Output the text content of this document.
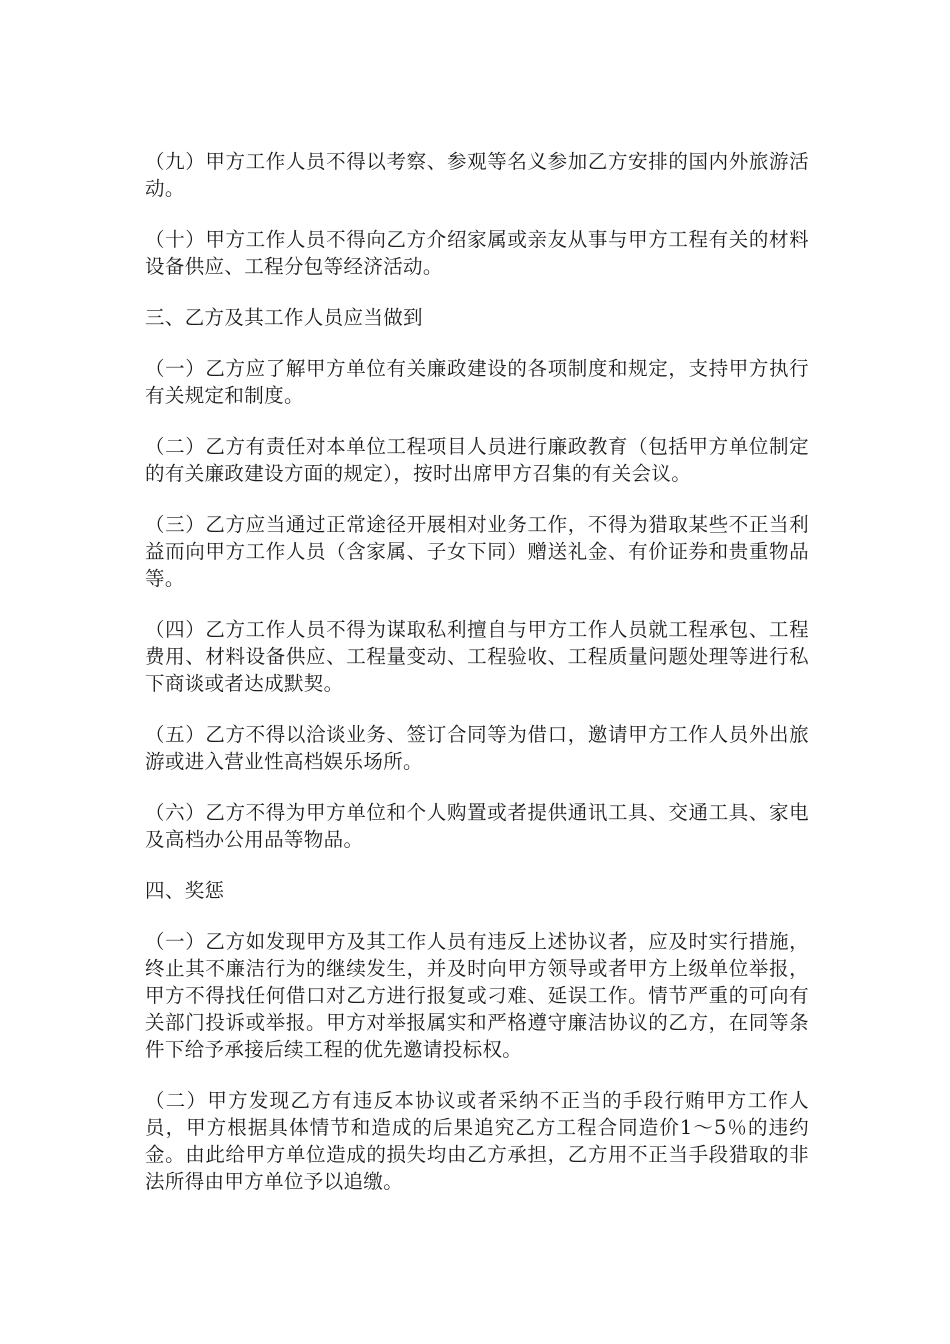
（九）甲方工作人员不得以考察、参观等名义参加乙方安排的国内外旅游活动。

（十）甲方工作人员不得向乙方介绍家属或亲友从事与甲方工程有关的材料设备供应、工程分包等经济活动。

三、乙方及其工作人员应当做到

（一）乙方应了解甲方单位有关廉政建设的各项制度和规定，支持甲方执行有关规定和制度。

（二）乙方有责任对本单位工程项目人员进行廉政教育（包括甲方单位制定的有关廉政建设方面的规定），按时出席甲方召集的有关会议。

（三）乙方应当通过正常途径开展相对业务工作，不得为猎取某些不正当利益而向甲方工作人员（含家属、子女下同）赠送礼金、有价证券和贵重物品等。

（四）乙方工作人员不得为谋取私利擅自与甲方工作人员就工程承包、工程费用、材料设备供应、工程量变动、工程验收、工程质量问题处理等进行私下商谈或者达成默契。

（五）乙方不得以洽谈业务、签订合同等为借口，邀请甲方工作人员外出旅游或进入营业性高档娱乐场所。

（六）乙方不得为甲方单位和个人购置或者提供通讯工具、交通工具、家电及高档办公用品等物品。

四、奖惩

（一）乙方如发现甲方及其工作人员有违反上述协议者，应及时实行措施，终止其不廉洁行为的继续发生，并及时向甲方领导或者甲方上级单位举报，甲方不得找任何借口对乙方进行报复或刁难、延误工作。情节严重的可向有关部门投诉或举报。甲方对举报属实和严格遵守廉洁协议的乙方，在同等条件下给予承接后续工程的优先邀请投标权。

（二）甲方发现乙方有违反本协议或者采纳不正当的手段行贿甲方工作人员，甲方根据具体情节和造成的后果追究乙方工程合同造价1～5％的违约金。由此给甲方单位造成的损失均由乙方承担，乙方用不正当手段猎取的非法所得由甲方单位予以追缴。
